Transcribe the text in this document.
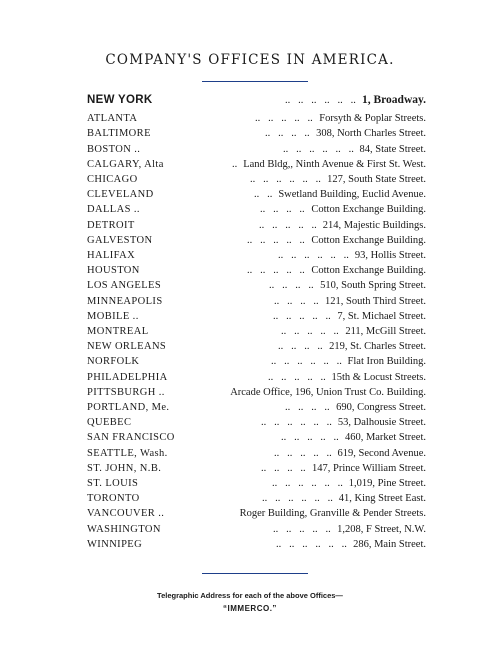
COMPANY'S OFFICES IN AMERICA.
NEW YORK	..   ..   ..   ..   ..   .. 1, Broadway.
ATLANTA	..   ..   ..   ..   .. Forsyth & Poplar Streets.
BALTIMORE	..   ..   ..   .. 308, North Charles Street.
BOSTON ..	..   ..   ..   ..   ..   .. 84, State Street.
CALGARY, Alta	.. Land Bldg,, Ninth Avenue & First St. West.
CHICAGO	..   ..   ..   ..   ..   .. 127, South State Street.
CLEVELAND	..   .. Swetland Building, Euclid Avenue.
DALLAS ..	..   ..   ..   .. Cotton Exchange Building.
DETROIT	..   ..   ..   ..   .. 214, Majestic Buildings.
GALVESTON	..   ..   ..   ..   .. Cotton Exchange Building.
HALIFAX	..   ..   ..   ..   ..   .. 93, Hollis Street.
HOUSTON	..   ..   ..   ..   .. Cotton Exchange Building.
LOS ANGELES	..   ..   ..   .. 510, South Spring Street.
MINNEAPOLIS	..   ..   ..   .. 121, South Third Street.
MOBILE ..	..   ..   ..   ..   .. 7, St. Michael Street.
MONTREAL	..   ..   ..   ..   .. 211, McGill Street.
NEW ORLEANS	..   ..   ..   .. 219, St. Charles Street.
NORFOLK	..   ..   ..   ..   ..   .. Flat Iron Building.
PHILADELPHIA	..   ..   ..   ..   .. 15th & Locust Streets.
PITTSBURGH ..	Arcade Office, 196, Union Trust Co. Building.
PORTLAND, Me.	..   ..   ..   .. 690, Congress Street.
QUEBEC	..   ..   ..   ..   ..   .. 53, Dalhousie Street.
SAN FRANCISCO	..   ..   ..   ..   .. 460, Market Street.
SEATTLE, Wash.	..   ..   ..   ..   .. 619, Second Avenue.
ST. JOHN, N.B.	..   ..   ..   .. 147, Prince William Street.
ST. LOUIS	..   ..   ..   ..   ..   .. 1,019, Pine Street.
TORONTO	..   ..   ..   ..   ..   .. 41, King Street East.
VANCOUVER ..	Roger Building, Granville & Pender Streets.
WASHINGTON	..   ..   ..   ..   .. 1,208, F Street, N.W.
WINNIPEG	..   ..   ..   ..   ..   .. 286, Main Street.
Telegraphic Address for each of the above Offices—
“IMMERCO.”
